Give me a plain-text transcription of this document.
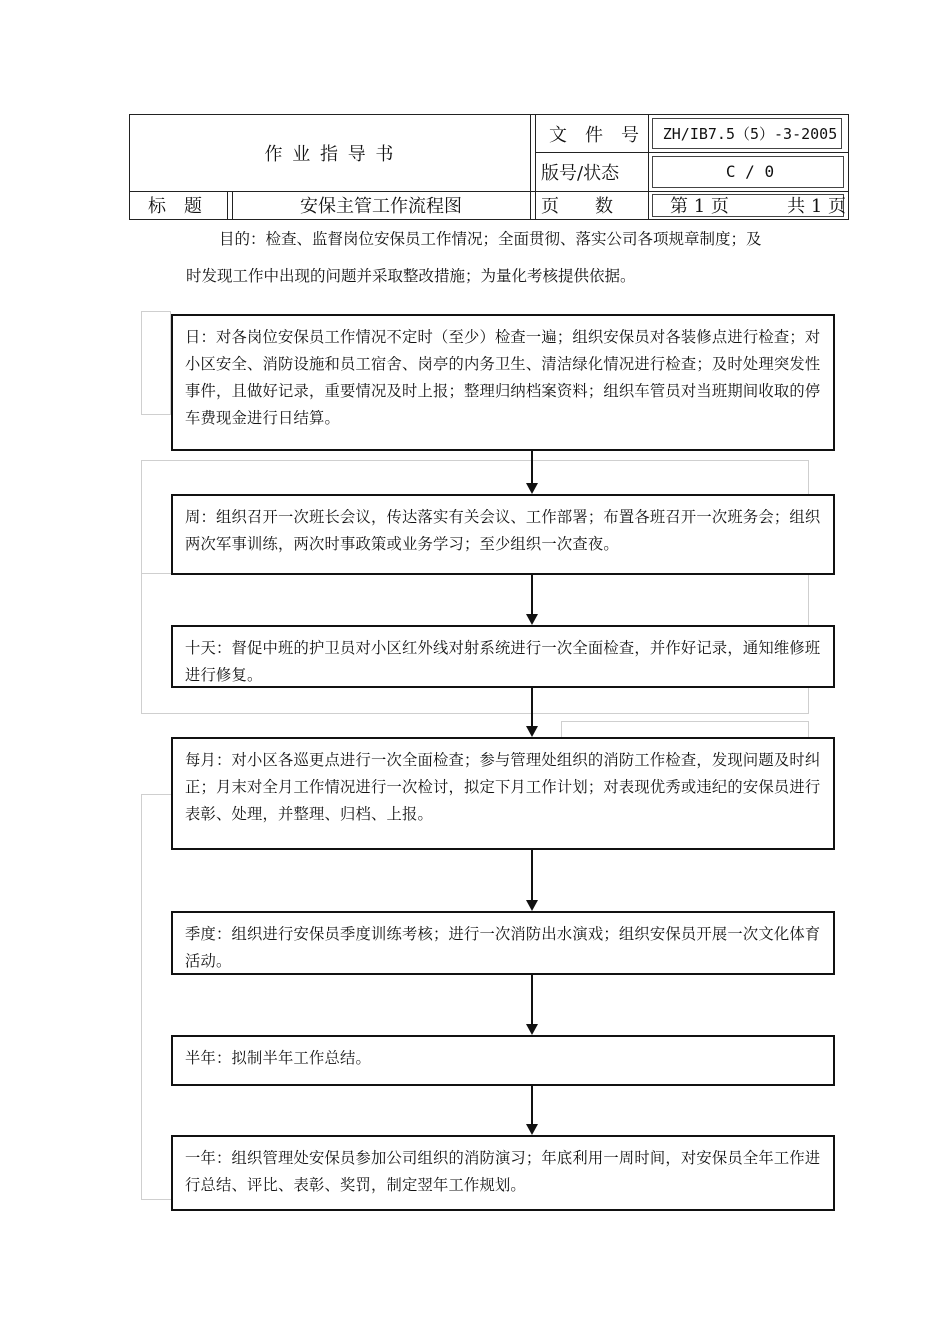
作 业 指 导 书
文　件　号 ZH/IB7.5（5）-3-2005
版号/状态	C / 0
标　题	安保主管工作流程图	页　　数	第 1 页	共 1 页
目的：检查、监督岗位安保员工作情况；全面贯彻、落实公司各项规章制度；及
时发现工作中出现的问题并采取整改措施；为量化考核提供依据。
日：对各岗位安保员工作情况不定时（至少）检查一遍；组织安保员对各装修点进行检查；对小区安全、消防设施和员工宿舍、岗亭的内务卫生、清洁绿化情况进行检查；及时处理突发性事件，且做好记录，重要情况及时上报；整理归纳档案资料；组织车管员对当班期间收取的停车费现金进行日结算。
周：组织召开一次班长会议，传达落实有关会议、工作部署；布置各班召开一次班务会；组织两次军事训练，两次时事政策或业务学习；至少组织一次查夜。
十天：督促中班的护卫员对小区红外线对射系统进行一次全面检查，并作好记录，通知维修班进行修复。
每月：对小区各巡更点进行一次全面检查；参与管理处组织的消防工作检查，发现问题及时纠正；月末对全月工作情况进行一次检讨，拟定下月工作计划；对表现优秀或违纪的安保员进行表彰、处理，并整理、归档、上报。
季度：组织进行安保员季度训练考核；进行一次消防出水演戏；组织安保员开展一次文化体育活动。
半年：拟制半年工作总结。
一年：组织管理处安保员参加公司组织的消防演习；年底利用一周时间，对安保员全年工作进行总结、评比、表彰、奖罚，制定翌年工作规划。
